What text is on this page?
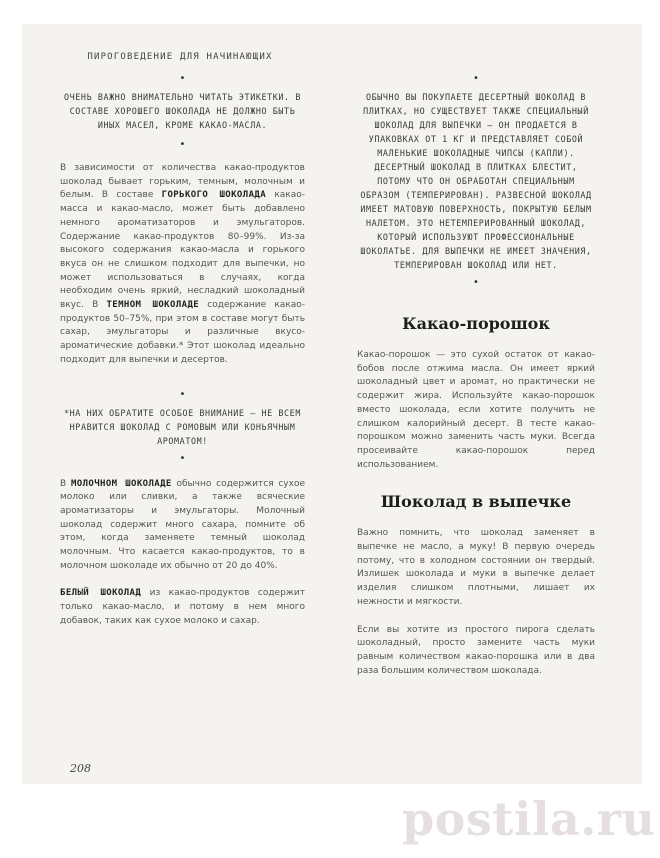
ПИРОГОВЕДЕНИЕ ДЛЯ НАЧИНАЮЩИХ
•

ОЧЕНЬ ВАЖНО ВНИМАТЕЛЬНО ЧИТАТЬ ЭТИКЕТКИ. В СОСТАВЕ ХОРОШЕГО ШОКОЛАДА НЕ ДОЛЖНО БЫТЬ ИНЫХ МАСЕЛ, КРОМЕ КАКАО-МАСЛА.

•

В зависимости от количества какао-продуктов шоколад бывает горьким, темным, молочным и белым. В составе ГОРЬКОГО ШОКОЛАДА какао-масса и какао-масло, может быть добавлено немного ароматизаторов и эмульгаторов. Содержание какао-продуктов 80–99%. Из-за высокого содержания какао-масла и горького вкуса он не слишком подходит для выпечки, но может использоваться в случаях, когда необходим очень яркий, несладкий шоколадный вкус. В ТЕМНОМ ШОКОЛАДЕ содержание какао-продуктов 50–75%, при этом в составе могут быть сахар, эмульгаторы и различные вкусо-ароматические добавки.* Этот шоколад идеально подходит для выпечки и десертов.

•

*НА НИХ ОБРАТИТЕ ОСОБОЕ ВНИМАНИЕ — НЕ ВСЕМ НРАВИТСЯ ШОКОЛАД С РОМОВЫМ ИЛИ КОНЬЯЧНЫМ АРОМАТОМ!

•

В МОЛОЧНОМ ШОКОЛАДЕ обычно содержится сухое молоко или сливки, а также всяческие ароматизаторы и эмульгаторы. Молочный шоколад содержит много сахара, помните об этом, когда заменяете темный шоколад молочным. Что касается какао-продуктов, то в молочном шоколаде их обычно от 20 до 40%.

БЕЛЫЙ ШОКОЛАД из какао-продуктов содержит только какао-масло, и потому в нем много добавок, таких как сухое молоко и сахар.

•

ОБЫЧНО ВЫ ПОКУПАЕТЕ ДЕСЕРТНЫЙ ШОКОЛАД В ПЛИТКАХ, НО СУЩЕСТВУЕТ ТАКЖЕ СПЕЦИАЛЬНЫЙ ШОКОЛАД ДЛЯ ВЫПЕЧКИ — ОН ПРОДАЕТСЯ В УПАКОВКАХ ОТ 1 КГ И ПРЕДСТАВЛЯЕТ СОБОЙ МАЛЕНЬКИЕ ШОКОЛАДНЫЕ ЧИПСЫ (КАПЛИ). ДЕСЕРТНЫЙ ШОКОЛАД В ПЛИТКАХ БЛЕСТИТ, ПОТОМУ ЧТО ОН ОБРАБОТАН СПЕЦИАЛЬНЫМ ОБРАЗОМ (ТЕМПЕРИРОВАН). РАЗВЕСНОЙ ШОКОЛАД ИМЕЕТ МАТОВУЮ ПОВЕРХНОСТЬ, ПОКРЫТУЮ БЕЛЫМ НАЛЕТОМ. ЭТО НЕТЕМПЕРИРОВАННЫЙ ШОКОЛАД, КОТОРЫЙ ИСПОЛЬЗУЮТ ПРОФЕССИОНАЛЬНЫЕ ШОКОЛАТЬЕ. ДЛЯ ВЫПЕЧКИ НЕ ИМЕЕТ ЗНАЧЕНИЯ, ТЕМПЕРИРОВАН ШОКОЛАД ИЛИ НЕТ.

•
Какао-порошок

Какао-порошок — это сухой остаток от какао-бобов после отжима масла. Он имеет яркий шоколадный цвет и аромат, но практически не содержит жира. Используйте какао-порошок вместо шоколада, если хотите получить не слишком калорийный десерт. В тесте какао-порошком можно заменить часть муки. Всегда просеивайте какао-порошок перед использованием.

Шоколад в выпечке

Важно помнить, что шоколад заменяет в выпечке не масло, а муку! В первую очередь потому, что в холодном состоянии он твердый. Излишек шоколада и муки в выпечке делает изделия слишком плотными, лишает их нежности и мягкости.

Если вы хотите из простого пирога сделать шоколадный, просто замените часть муки равным количеством какао-порошка или в два раза большим количеством шоколада.

208
postila.ru
